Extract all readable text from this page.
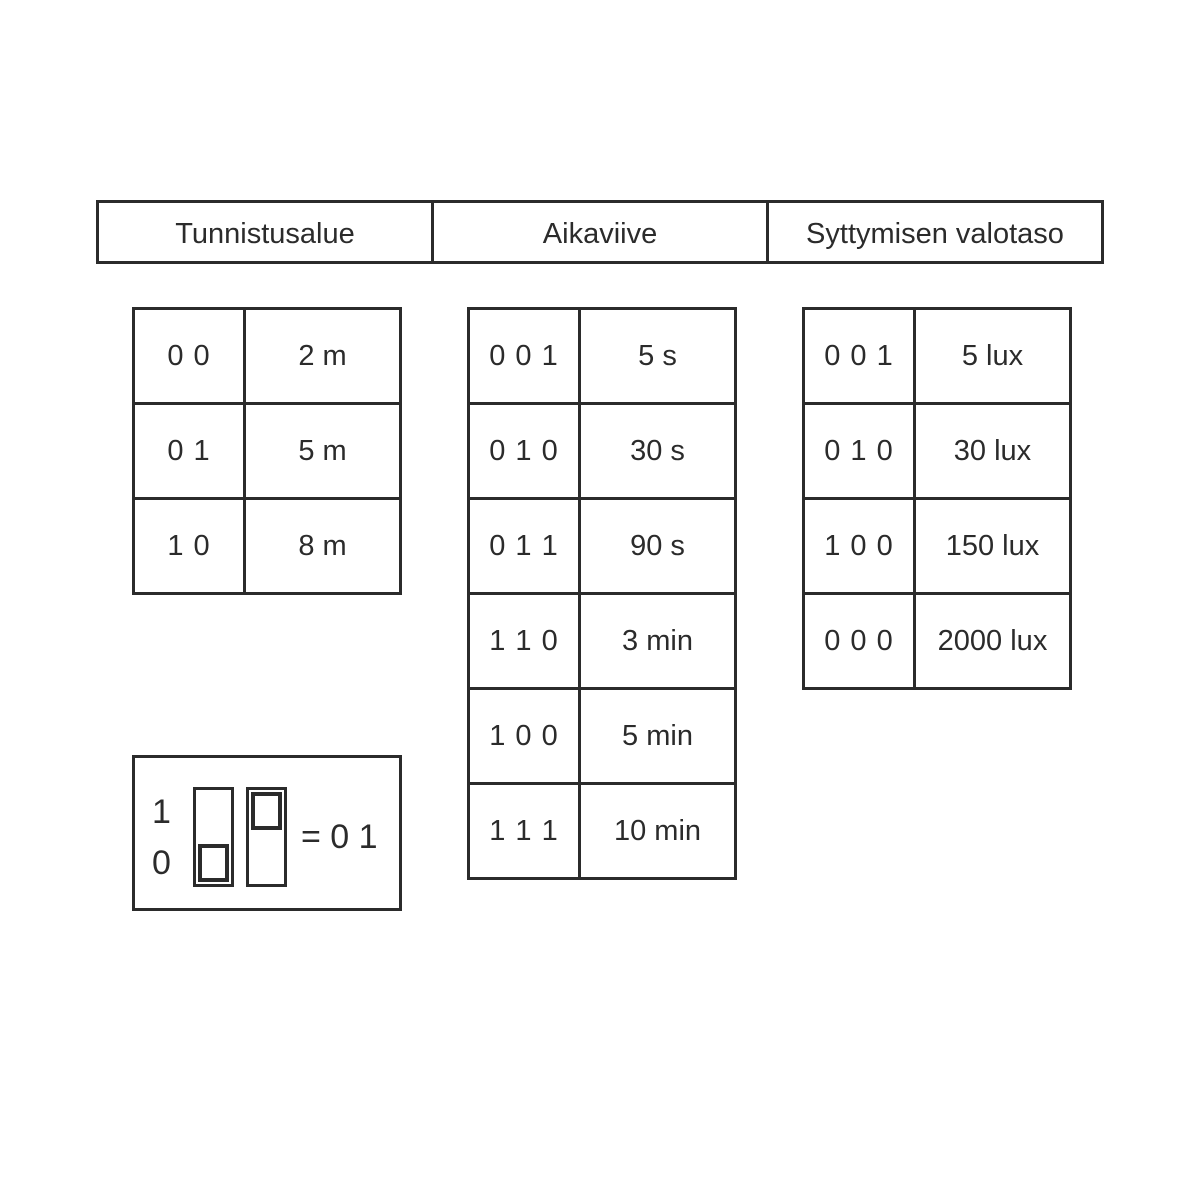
Tunnistusalue	Aikaviive	Syttymisen valotaso
0 0	2 m
0 1	5 m
1 0	8 m
0 0 1	5 s
0 1 0	30 s
0 1 1	90 s
1 1 0	3 min
1 0 0	5 min
1 1 1	10 min
0 0 1	5 lux
0 1 0	30 lux
1 0 0	150 lux
0 0 0	2000 lux
1
0
= 0 1
